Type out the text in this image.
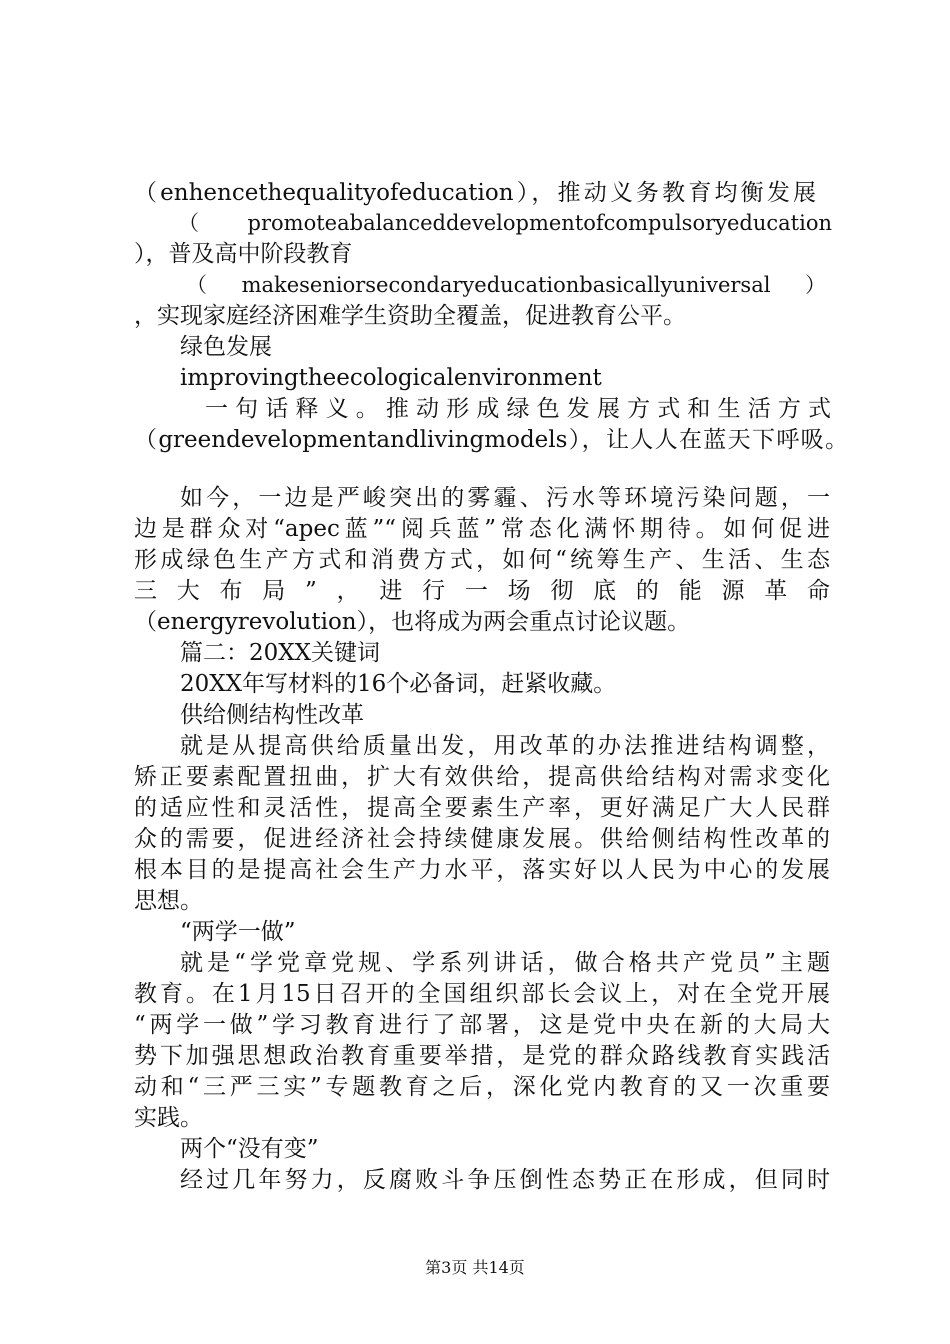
（enhencethequalityofeducation），推动义务教育均衡发展
（promoteabalanceddevelopmentofcompulsoryeducation
），普及高中阶段教育
（makeseniorsecondaryeducationbasicallyuniversal）
，实现家庭经济困难学生资助全覆盖，促进教育公平。
绿色发展
improvingtheecologicalenvironment
一句话释义。推动形成绿色发展方式和生活方式
（greendevelopmentandlivingmodels），让人人在蓝天下呼吸。
如今，一边是严峻突出的雾霾、污水等环境污染问题，一
边是群众对“apec蓝”“阅兵蓝”常态化满怀期待。如何促进
形成绿色生产方式和消费方式，如何“统筹生产、生活、生态
三大布局”，进行一场彻底的能源革命
（energyrevolution），也将成为两会重点讨论议题。
篇二：20XX关键词
20XX年写材料的16个必备词，赶紧收藏。
供给侧结构性改革
就是从提高供给质量出发，用改革的办法推进结构调整，
矫正要素配置扭曲，扩大有效供给，提高供给结构对需求变化
的适应性和灵活性，提高全要素生产率，更好满足广大人民群
众的需要，促进经济社会持续健康发展。供给侧结构性改革的
根本目的是提高社会生产力水平，落实好以人民为中心的发展
思想。
“两学一做”
就是“学党章党规、学系列讲话，做合格共产党员”主题
教育。在1月15日召开的全国组织部长会议上，对在全党开展
“两学一做”学习教育进行了部署，这是党中央在新的大局大
势下加强思想政治教育重要举措，是党的群众路线教育实践活
动和“三严三实”专题教育之后，深化党内教育的又一次重要
实践。
两个“没有变”
经过几年努力，反腐败斗争压倒性态势正在形成，但同时
第3页 共14页
